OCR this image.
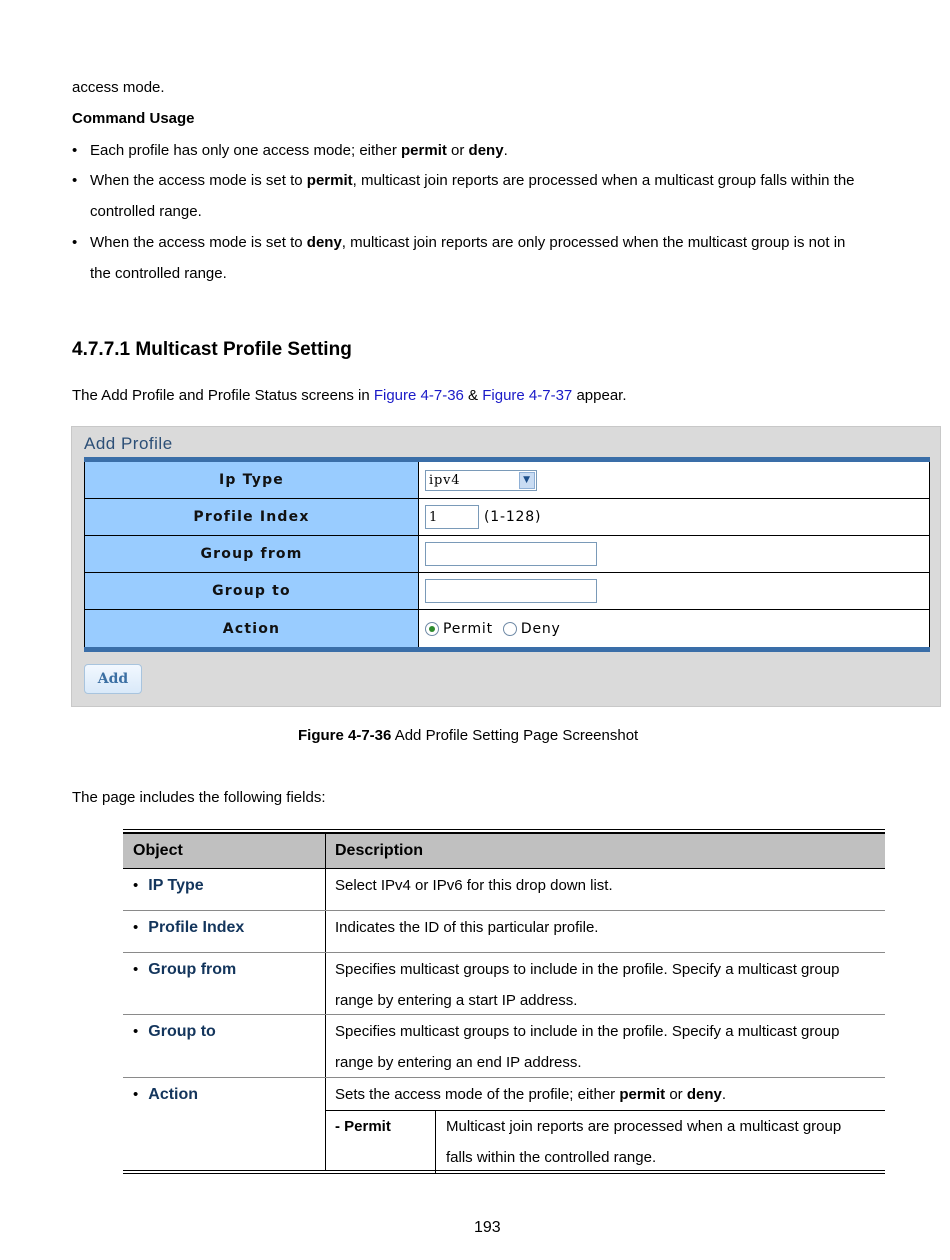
access mode.
Command Usage
• Each profile has only one access mode; either permit or deny.
• When the access mode is set to permit, multicast join reports are processed when a multicast group falls within the
controlled range.
• When the access mode is set to deny, multicast join reports are only processed when the multicast group is not in
the controlled range.
4.7.7.1 Multicast Profile Setting
The Add Profile and Profile Status screens in Figure 4-7-36 & Figure 4-7-37 appear.
Add Profile
Ip Type	ipv4	▼
Profile Index	1	(1-128)
Group from
Group to
Action	Permit Deny
Add
Figure 4-7-36 Add Profile Setting Page Screenshot
The page includes the following fields:
Object	Description
• IP Type	Select IPv4 or IPv6 for this drop down list.
• Profile Index	Indicates the ID of this particular profile.
• Group from	Specifies multicast groups to include in the profile. Specify a multicast group
range by entering a start IP address.
• Group to	Specifies multicast groups to include in the profile. Specify a multicast group
range by entering an end IP address.
• Action	Sets the access mode of the profile; either permit or deny.
- Permit	Multicast join reports are processed when a multicast group
falls within the controlled range.
193
